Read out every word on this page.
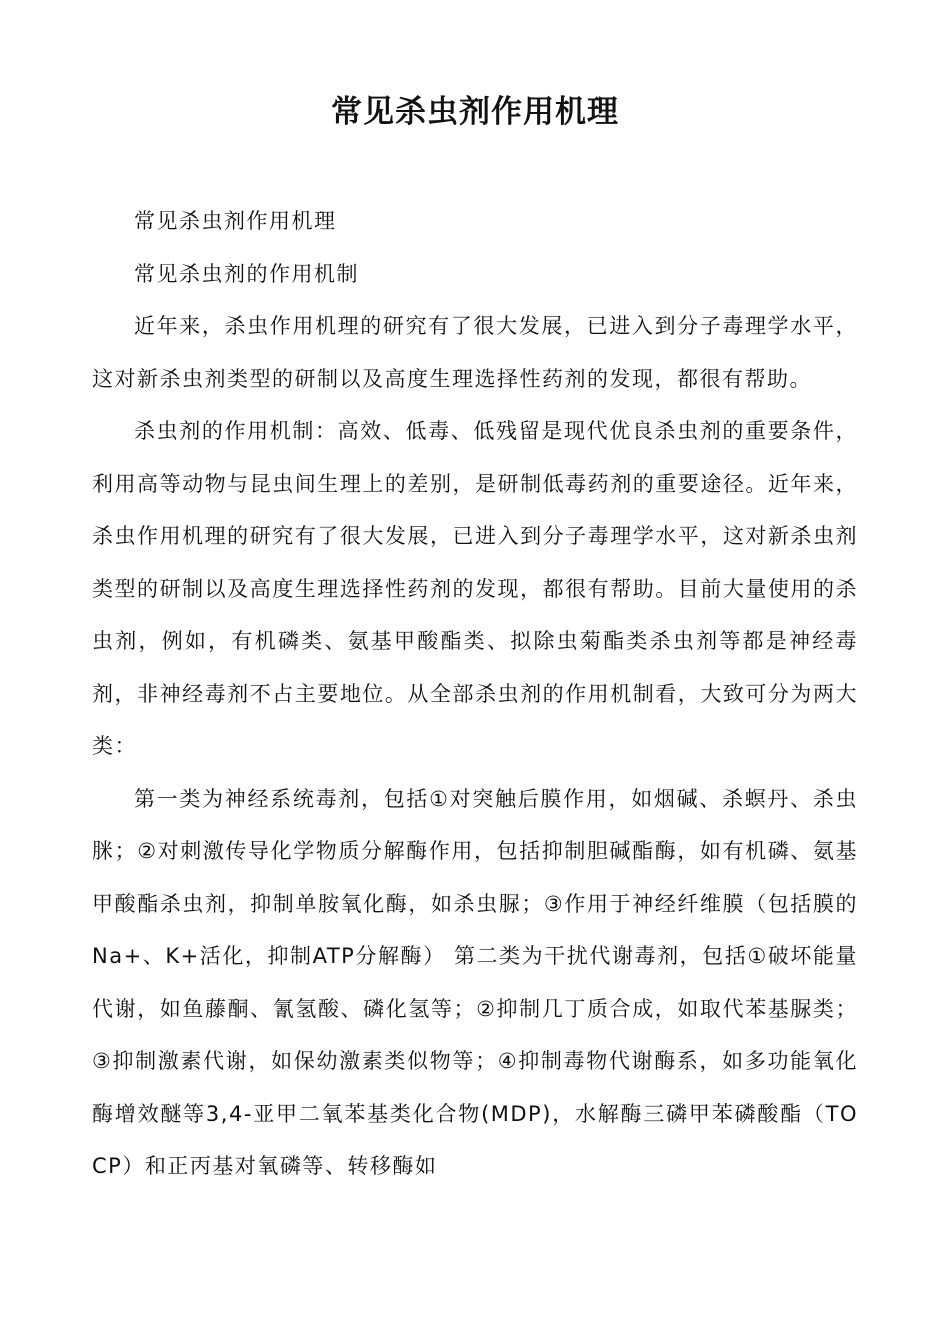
常见杀虫剂作用机理

常见杀虫剂作用机理

常见杀虫剂的作用机制

近年来，杀虫作用机理的研究有了很大发展，已进入到分子毒理学水平，这对新杀虫剂类型的研制以及高度生理选择性药剂的发现，都很有帮助。

杀虫剂的作用机制：高效、低毒、低残留是现代优良杀虫剂的重要条件，利用高等动物与昆虫间生理上的差别，是研制低毒药剂的重要途径。近年来，杀虫作用机理的研究有了很大发展，已进入到分子毒理学水平，这对新杀虫剂类型的研制以及高度生理选择性药剂的发现，都很有帮助。目前大量使用的杀虫剂，例如，有机磷类、氨基甲酸酯类、拟除虫菊酯类杀虫剂等都是神经毒剂，非神经毒剂不占主要地位。从全部杀虫剂的作用机制看，大致可分为两大类：

第一类为神经系统毒剂，包括①对突触后膜作用，如烟碱、杀螟丹、杀虫脒；②对刺激传导化学物质分解酶作用，包括抑制胆碱酯酶，如有机磷、氨基甲酸酯杀虫剂，抑制单胺氧化酶，如杀虫脲；③作用于神经纤维膜（包括膜的Na+、K+活化，抑制ATP分解酶） 第二类为干扰代谢毒剂，包括①破坏能量代谢，如鱼藤酮、氰氢酸、磷化氢等；②抑制几丁质合成，如取代苯基脲类；③抑制激素代谢，如保幼激素类似物等；④抑制毒物代谢酶系，如多功能氧化酶增效醚等3,4-亚甲二氧苯基类化合物(MDP)，水解酶三磷甲苯磷酸酯（TOCP）和正丙基对氧磷等、转移酶如
